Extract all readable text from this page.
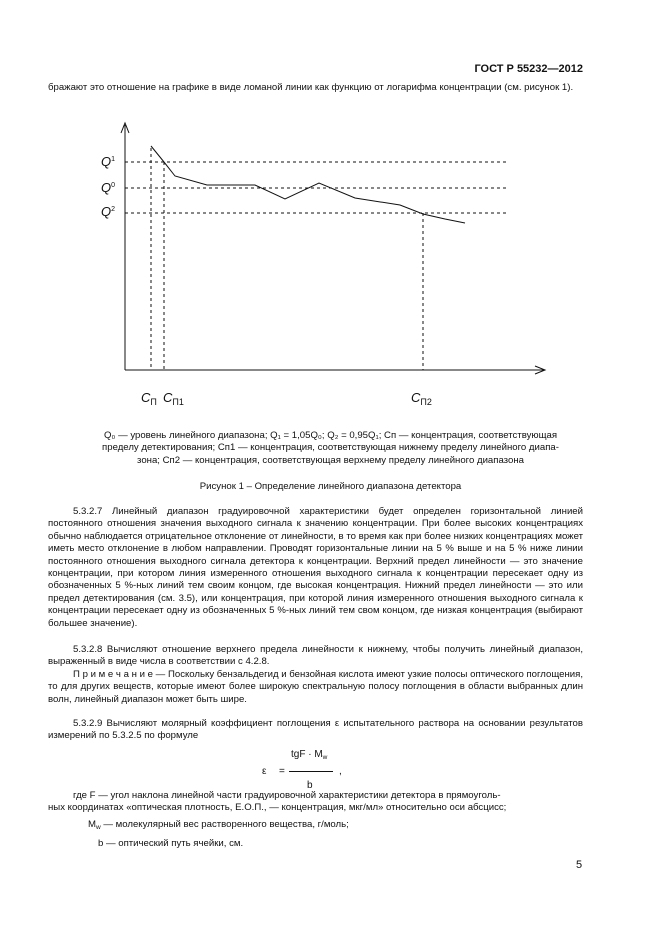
ГОСТ Р 55232—2012
бражают это отношение на графике в виде ломаной линии как функцию от логарифма концентрации (см. рисунок 1).
$Q^1$
$Q^0$
$Q^2$
$C_П$ $C_{П1}$	$C_{П2}$
Q₀ — уровень линейного диапазона; Q₁ = 1,05Q₀; Q₂ = 0,95Q₁; Cп — концентрация, соответствующая
пределу детектирования; Cп1 — концентрация, соответствующая нижнему пределу линейного диапа-
зона; Cп2 — концентрация, соответствующая верхнему пределу линейного диапазона
Рисунок 1 – Определение линейного диапазона детектора
5.3.2.7 Линейный диапазон градуировочной характеристики будет определен горизонтальной линией постоянного отношения значения выходного сигнала к значению концентрации. При более высоких концентрациях обычно наблюдается отрицательное отклонение от линейности, в то время как при более низких концентрациях может иметь место отклонение в любом направлении. Проводят горизонтальные линии на 5 % выше и на 5 % ниже линии постоянного отношения выходного сигнала детектора к концентрации. Верхний предел линейности — это значение концентрации, при котором линия измеренного отношения выходного сигнала к концентрации пересекает одну из обозначенных 5 %-ных линий тем своим концом, где высокая концентрация. Нижний предел линейности — это или предел детектирования (см. 3.5), или концентрация, при которой линия измеренного отношения выходного сигнала к концентрации пересекает одну из обозначенных 5 %-ных линий тем свом концом, где низкая концентрация (выбирают большее значение).
5.3.2.8 Вычисляют отношение верхнего предела линейности к нижнему, чтобы получить линейный диапазон, выраженный в виде числа в соответствии с 4.2.8.
П р и м е ч а н и е — Поскольку бензальдегид и бензойная кислота имеют узкие полосы оптического поглощения, то для других веществ, которые имеют более широкую спектральную полосу поглощения в области выбранных длин волн, линейный диапазон может быть шире.
5.3.2.9 Вычисляют молярный коэффициент поглощения ε испытательного раствора на основании результатов измерений по 5.3.2.5 по формуле
tgF · $M_w$
ε =	,
b
где F — угол наклона линейной части градуировочной характеристики детектора в прямоуголь-
ных координатах «оптическая плотность, Е.О.П., — концентрация, мкг/мл» относительно оси абсцисс;
$M_w$ — молекулярный вес растворенного вещества, г/моль;
b — оптический путь ячейки, см.
5
